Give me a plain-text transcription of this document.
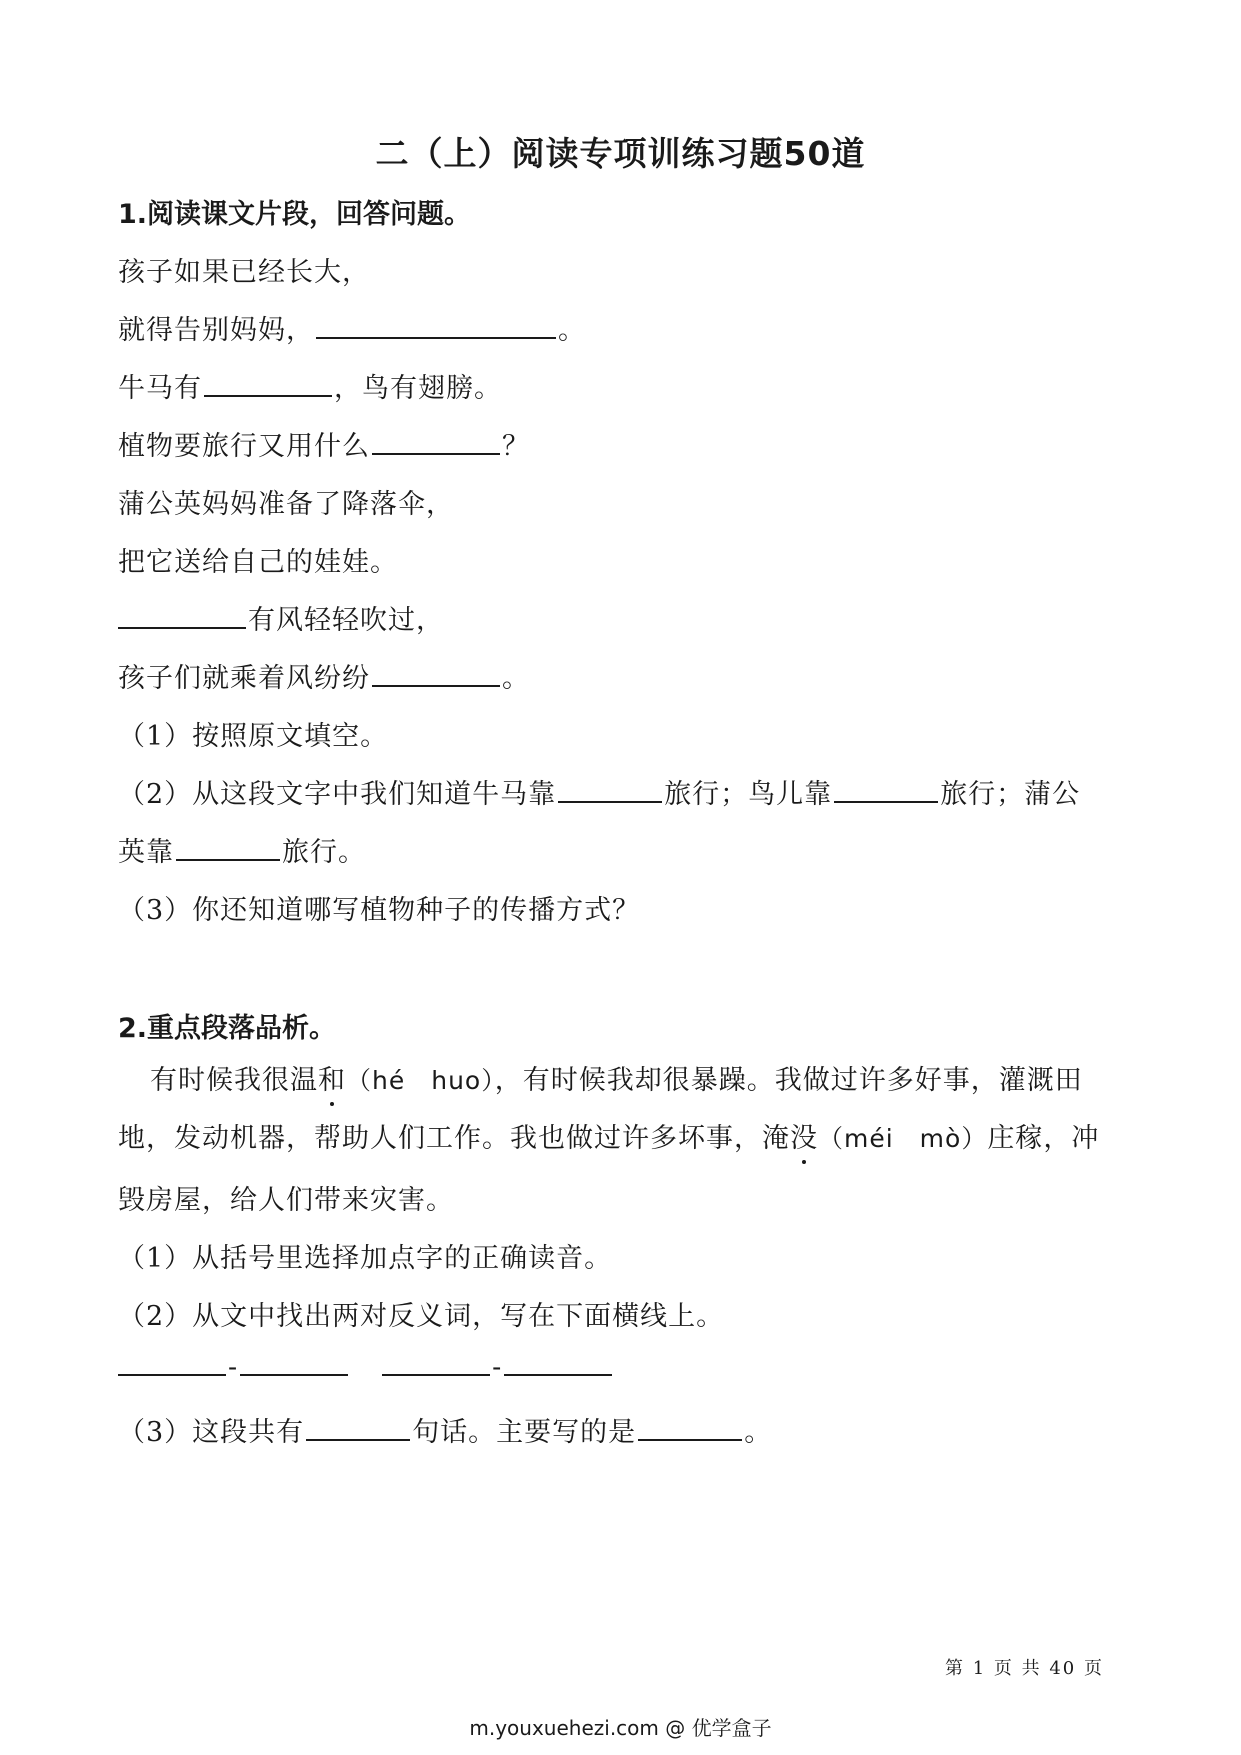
二（上）阅读专项训练习题50道
1.阅读课文片段，回答问题。
孩子如果已经长大，
就得告别妈妈，	。
牛马有	，鸟有翅膀。
植物要旅行又用什么	？
蒲公英妈妈准备了降落伞，
把它送给自己的娃娃。
有风轻轻吹过，
孩子们就乘着风纷纷	。
（1）按照原文填空。
（2）从这段文字中我们知道牛马靠	旅行；鸟儿靠	旅行；蒲公
英靠	旅行。
（3）你还知道哪写植物种子的传播方式？
2.重点段落品析。
有时候我很温和（hé　huo），有时候我却很暴躁。我做过许多好事，灌溉田
地，发动机器，帮助人们工作。我也做过许多坏事，淹没（méi　mò）庄稼，冲
毁房屋，给人们带来灾害。
（1）从括号里选择加点字的正确读音。
（2）从文中找出两对反义词，写在下面横线上。
-	-
（3）这段共有	句话。主要写的是	。
第 1 页 共 40 页
m.youxuehezi.com @ 优学盒子
